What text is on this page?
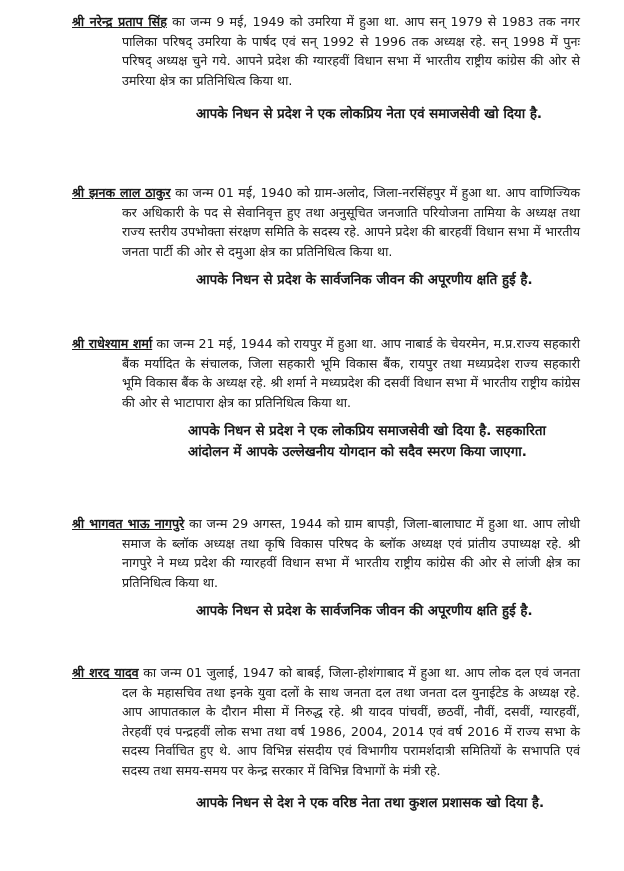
श्री नरेन्द्र प्रताप सिंह का जन्म 9 मई, 1949 को उमरिया में हुआ था. आप सन् 1979 से 1983 तक नगर पालिका परिषद् उमरिया के पार्षद एवं सन् 1992 से 1996 तक अध्यक्ष रहे. सन् 1998 में पुनः परिषद् अध्यक्ष चुने गये. आपने प्रदेश की ग्यारहवीं विधान सभा में भारतीय राष्ट्रीय कांग्रेस की ओर से उमरिया क्षेत्र का प्रतिनिधित्व किया था.

आपके निधन से प्रदेश ने एक लोकप्रिय नेता एवं समाजसेवी खो दिया है.

श्री झनक लाल ठाकुर का जन्म 01 मई, 1940 को ग्राम-अलोद, जिला-नरसिंहपुर में हुआ था. आप वाणिज्यिक कर अधिकारी के पद से सेवानिवृत्त हुए तथा अनुसूचित जनजाति परियोजना तामिया के अध्यक्ष तथा राज्य स्तरीय उपभोक्ता संरक्षण समिति के सदस्य रहे. आपने प्रदेश की बारहवीं विधान सभा में भारतीय जनता पार्टी की ओर से दमुआ क्षेत्र का प्रतिनिधित्व किया था.

आपके निधन से प्रदेश के सार्वजनिक जीवन की अपूरणीय क्षति हुई है.

श्री राधेश्याम शर्मा का जन्म 21 मई, 1944 को रायपुर में हुआ था. आप नाबार्ड के चेयरमेन, म.प्र.राज्य सहकारी बैंक मर्यादित के संचालक, जिला सहकारी भूमि विकास बैंक, रायपुर तथा मध्यप्रदेश राज्य सहकारी भूमि विकास बैंक के अध्यक्ष रहे. श्री शर्मा ने मध्यप्रदेश की दसवीं विधान सभा में भारतीय राष्ट्रीय कांग्रेस की ओर से भाटापारा क्षेत्र का प्रतिनिधित्व किया था.

आपके निधन से प्रदेश ने एक लोकप्रिय समाजसेवी खो दिया है. सहकारिता आंदोलन में आपके उल्लेखनीय योगदान को सदैव स्मरण किया जाएगा.

श्री भागवत भाऊ नागपुरे का जन्म 29 अगस्त, 1944 को ग्राम बापड़ी, जिला-बालाघाट में हुआ था. आप लोधी समाज के ब्लॉक अध्यक्ष तथा कृषि विकास परिषद के ब्लॉक अध्यक्ष एवं प्रांतीय उपाध्यक्ष रहे. श्री नागपुरे ने मध्य प्रदेश की ग्यारहवीं विधान सभा में भारतीय राष्ट्रीय कांग्रेस की ओर से लांजी क्षेत्र का प्रतिनिधित्व किया था.

आपके निधन से प्रदेश के सार्वजनिक जीवन की अपूरणीय क्षति हुई है.

श्री शरद यादव का जन्म 01 जुलाई, 1947 को बाबई, जिला-होशंगाबाद में हुआ था. आप लोक दल एवं जनता दल के महासचिव तथा इनके युवा दलों के साथ जनता दल तथा जनता दल युनाईटेड के अध्यक्ष रहे. आप आपातकाल के दौरान मीसा में निरुद्ध रहे. श्री यादव पांचवीं, छठवीं, नौवीं, दसवीं, ग्यारहवीं, तेरहवीं एवं पन्द्रहवीं लोक सभा तथा वर्ष 1986, 2004, 2014 एवं वर्ष 2016 में राज्य सभा के सदस्य निर्वाचित हुए थे. आप विभिन्न संसदीय एवं विभागीय परामर्शदात्री समितियों के सभापति एवं सदस्य तथा समय-समय पर केन्द्र सरकार में विभिन्न विभागों के मंत्री रहे.

आपके निधन से देश ने एक वरिष्ठ नेता तथा कुशल प्रशासक खो दिया है.
